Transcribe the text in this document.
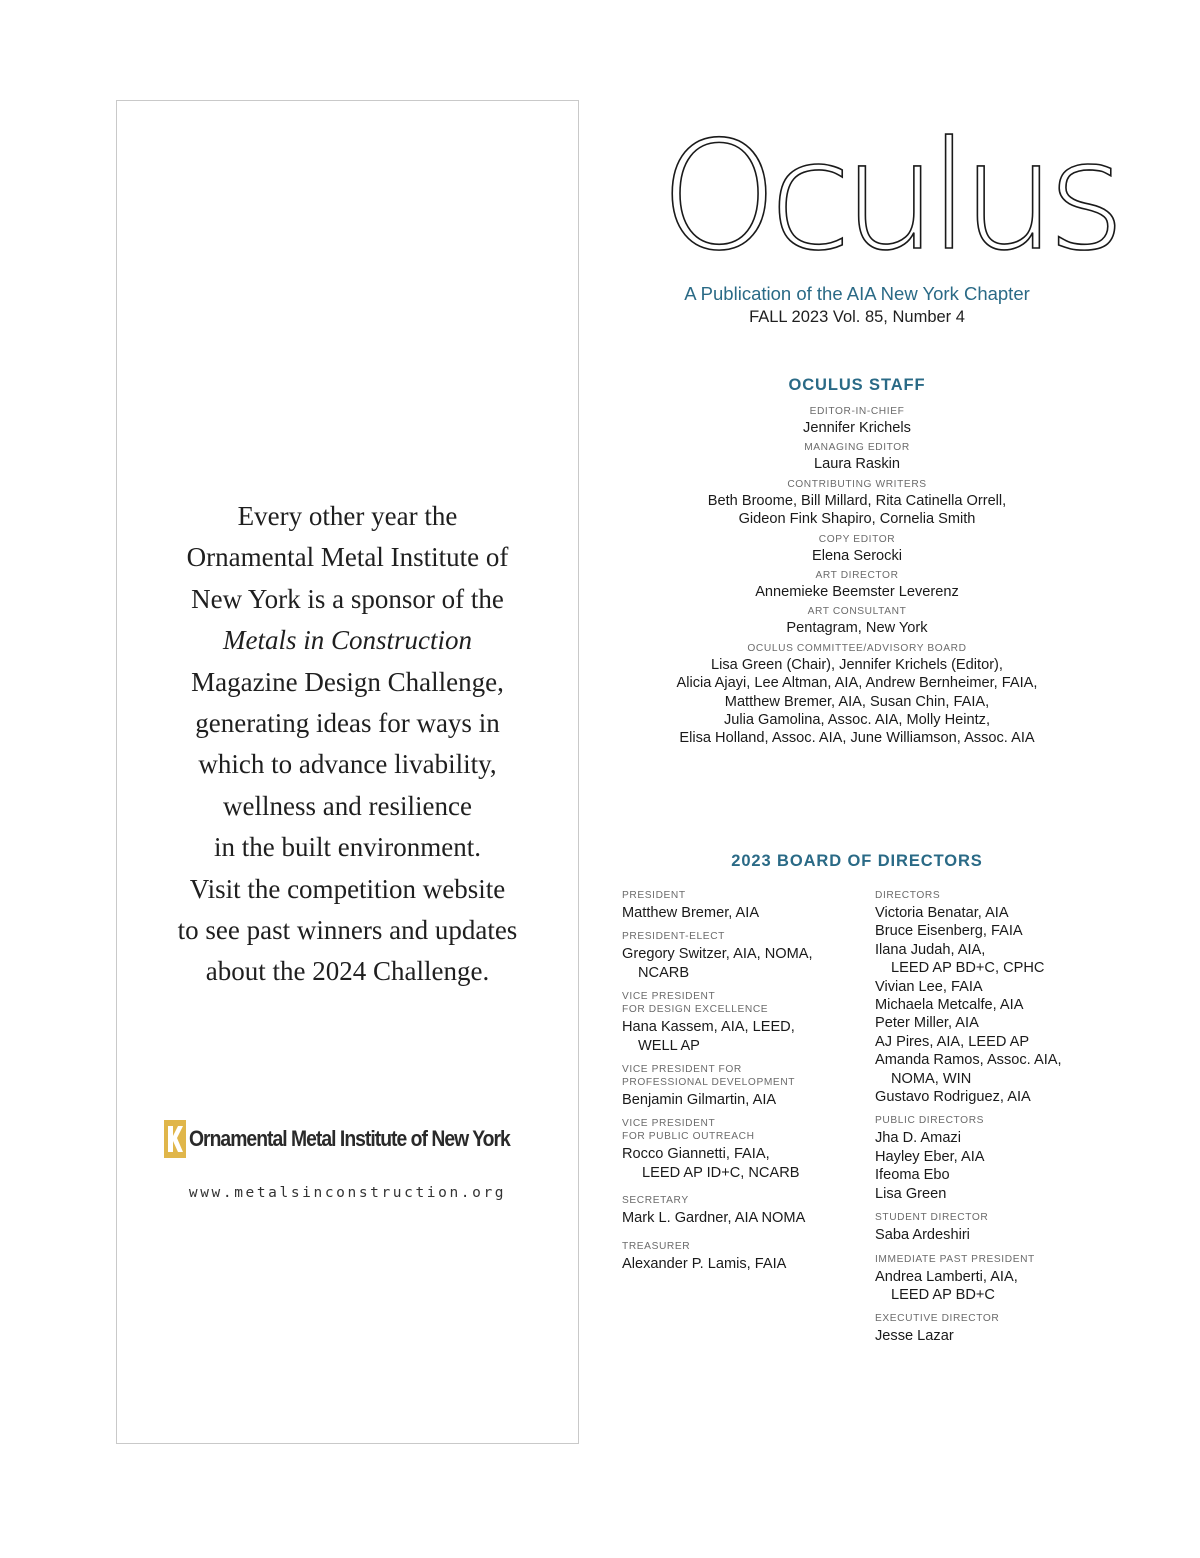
Every other year the
Ornamental Metal Institute of
New York is a sponsor of the
Metals in Construction
Magazine Design Challenge,
generating ideas for ways in
which to advance livability,
wellness and resilience
in the built environment.
Visit the competition website
to see past winners and updates
about the 2024 Challenge.
Ornamental Metal Institute of New York
www.metalsinconstruction.org
Oculus
A Publication of the AIA New York Chapter
FALL 2023 Vol. 85, Number 4
OCULUS STAFF
EDITOR-IN-CHIEF
Jennifer Krichels
MANAGING EDITOR
Laura Raskin
CONTRIBUTING WRITERS
Beth Broome, Bill Millard, Rita Catinella Orrell,
Gideon Fink Shapiro, Cornelia Smith
COPY EDITOR
Elena Serocki
ART DIRECTOR
Annemieke Beemster Leverenz
ART CONSULTANT
Pentagram, New York
OCULUS COMMITTEE/ADVISORY BOARD
Lisa Green (Chair), Jennifer Krichels (Editor),
Alicia Ajayi, Lee Altman, AIA, Andrew Bernheimer, FAIA,
Matthew Bremer, AIA, Susan Chin, FAIA,
Julia Gamolina, Assoc. AIA, Molly Heintz,
Elisa Holland, Assoc. AIA, June Williamson, Assoc. AIA
2023 BOARD OF DIRECTORS
PRESIDENT
Matthew Bremer, AIA
PRESIDENT-ELECT
Gregory Switzer, AIA, NOMA,
NCARB
VICE PRESIDENT
FOR DESIGN EXCELLENCE
Hana Kassem, AIA, LEED,
WELL AP
VICE PRESIDENT FOR
PROFESSIONAL DEVELOPMENT
Benjamin Gilmartin, AIA
VICE PRESIDENT
FOR PUBLIC OUTREACH
Rocco Giannetti, FAIA,
LEED AP ID+C, NCARB
SECRETARY
Mark L. Gardner, AIA NOMA
TREASURER
Alexander P. Lamis, FAIA
DIRECTORS
Victoria Benatar, AIA
Bruce Eisenberg, FAIA
Ilana Judah, AIA,
LEED AP BD+C, CPHC
Vivian Lee, FAIA
Michaela Metcalfe, AIA
Peter Miller, AIA
AJ Pires, AIA, LEED AP
Amanda Ramos, Assoc. AIA,
NOMA, WIN
Gustavo Rodriguez, AIA
PUBLIC DIRECTORS
Jha D. Amazi
Hayley Eber, AIA
Ifeoma Ebo
Lisa Green
STUDENT DIRECTOR
Saba Ardeshiri
IMMEDIATE PAST PRESIDENT
Andrea Lamberti, AIA,
LEED AP BD+C
EXECUTIVE DIRECTOR
Jesse Lazar
